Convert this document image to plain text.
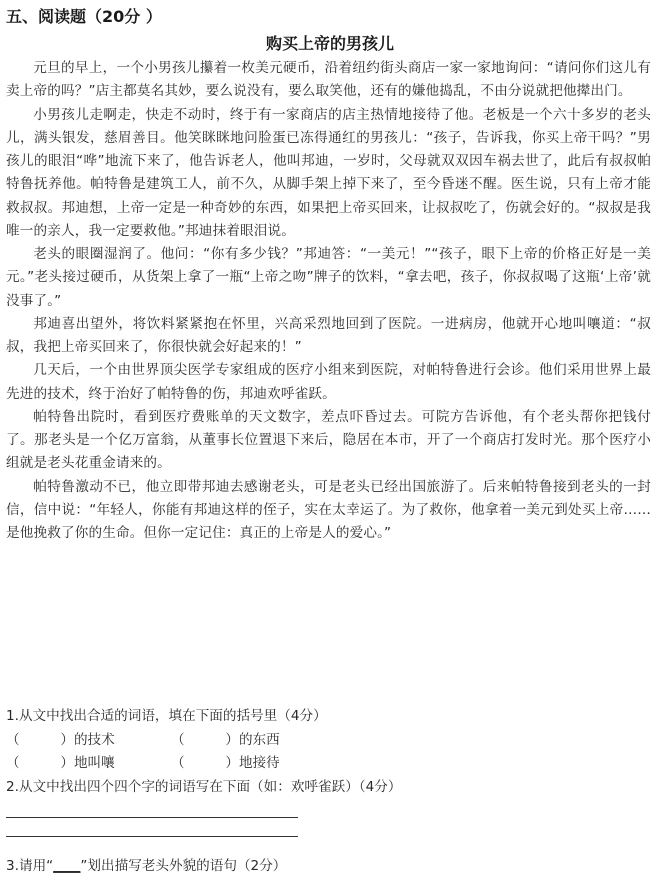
五、阅读题（20分 ）
购买上帝的男孩儿

元旦的早上，一个小男孩儿攥着一枚美元硬币，沿着纽约街头商店一家一家地询问：“请问你们这儿有卖上帝的吗？”店主都莫名其妙，要么说没有，要么取笑他，还有的嫌他捣乱，不由分说就把他撵出门。

小男孩儿走啊走，快走不动时，终于有一家商店的店主热情地接待了他。老板是一个六十多岁的老头儿，满头银发，慈眉善目。他笑眯眯地问脸蛋已冻得通红的男孩儿：“孩子，告诉我，你买上帝干吗？”男孩儿的眼泪“哗”地流下来了，他告诉老人，他叫邦迪，一岁时，父母就双双因车祸去世了，此后有叔叔帕特鲁抚养他。帕特鲁是建筑工人，前不久，从脚手架上掉下来了，至今昏迷不醒。医生说，只有上帝才能救叔叔。邦迪想，上帝一定是一种奇妙的东西，如果把上帝买回来，让叔叔吃了，伤就会好的。“叔叔是我唯一的亲人，我一定要救他。”邦迪抹着眼泪说。

老头的眼圈湿润了。他问：“你有多少钱？”邦迪答：“一美元！”“孩子，眼下上帝的价格正好是一美元。”老头接过硬币，从货架上拿了一瓶“上帝之吻”牌子的饮料，“拿去吧，孩子，你叔叔喝了这瓶‘上帝’就没事了。”

邦迪喜出望外，将饮料紧紧抱在怀里，兴高采烈地回到了医院。一进病房，他就开心地叫嚷道：“叔叔，我把上帝买回来了，你很快就会好起来的！”

几天后，一个由世界顶尖医学专家组成的医疗小组来到医院，对帕特鲁进行会诊。他们采用世界上最先进的技术，终于治好了帕特鲁的伤，邦迪欢呼雀跃。

帕特鲁出院时，看到医疗费账单的天文数字，差点吓昏过去。可院方告诉他，有个老头帮你把钱付了。那老头是一个亿万富翁，从董事长位置退下来后，隐居在本市，开了一个商店打发时光。那个医疗小组就是老头花重金请来的。

帕特鲁激动不已，他立即带邦迪去感谢老头，可是老头已经出国旅游了。后来帕特鲁接到老头的一封信，信中说：“年轻人，你能有邦迪这样的侄子，实在太幸运了。为了救你，他拿着一美元到处买上帝……是他挽救了你的生命。但你一定记住：真正的上帝是人的爱心。”

1.从文中找出合适的词语，填在下面的括号里（4分）

（　　　）的技术	（　　　）的东西
（　　　）地叫嚷	（　　　）地接待

2.从文中找出四个四个字的词语写在下面（如：欢呼雀跃）（4分）

3.请用“____”划出描写老头外貌的语句（2分）
